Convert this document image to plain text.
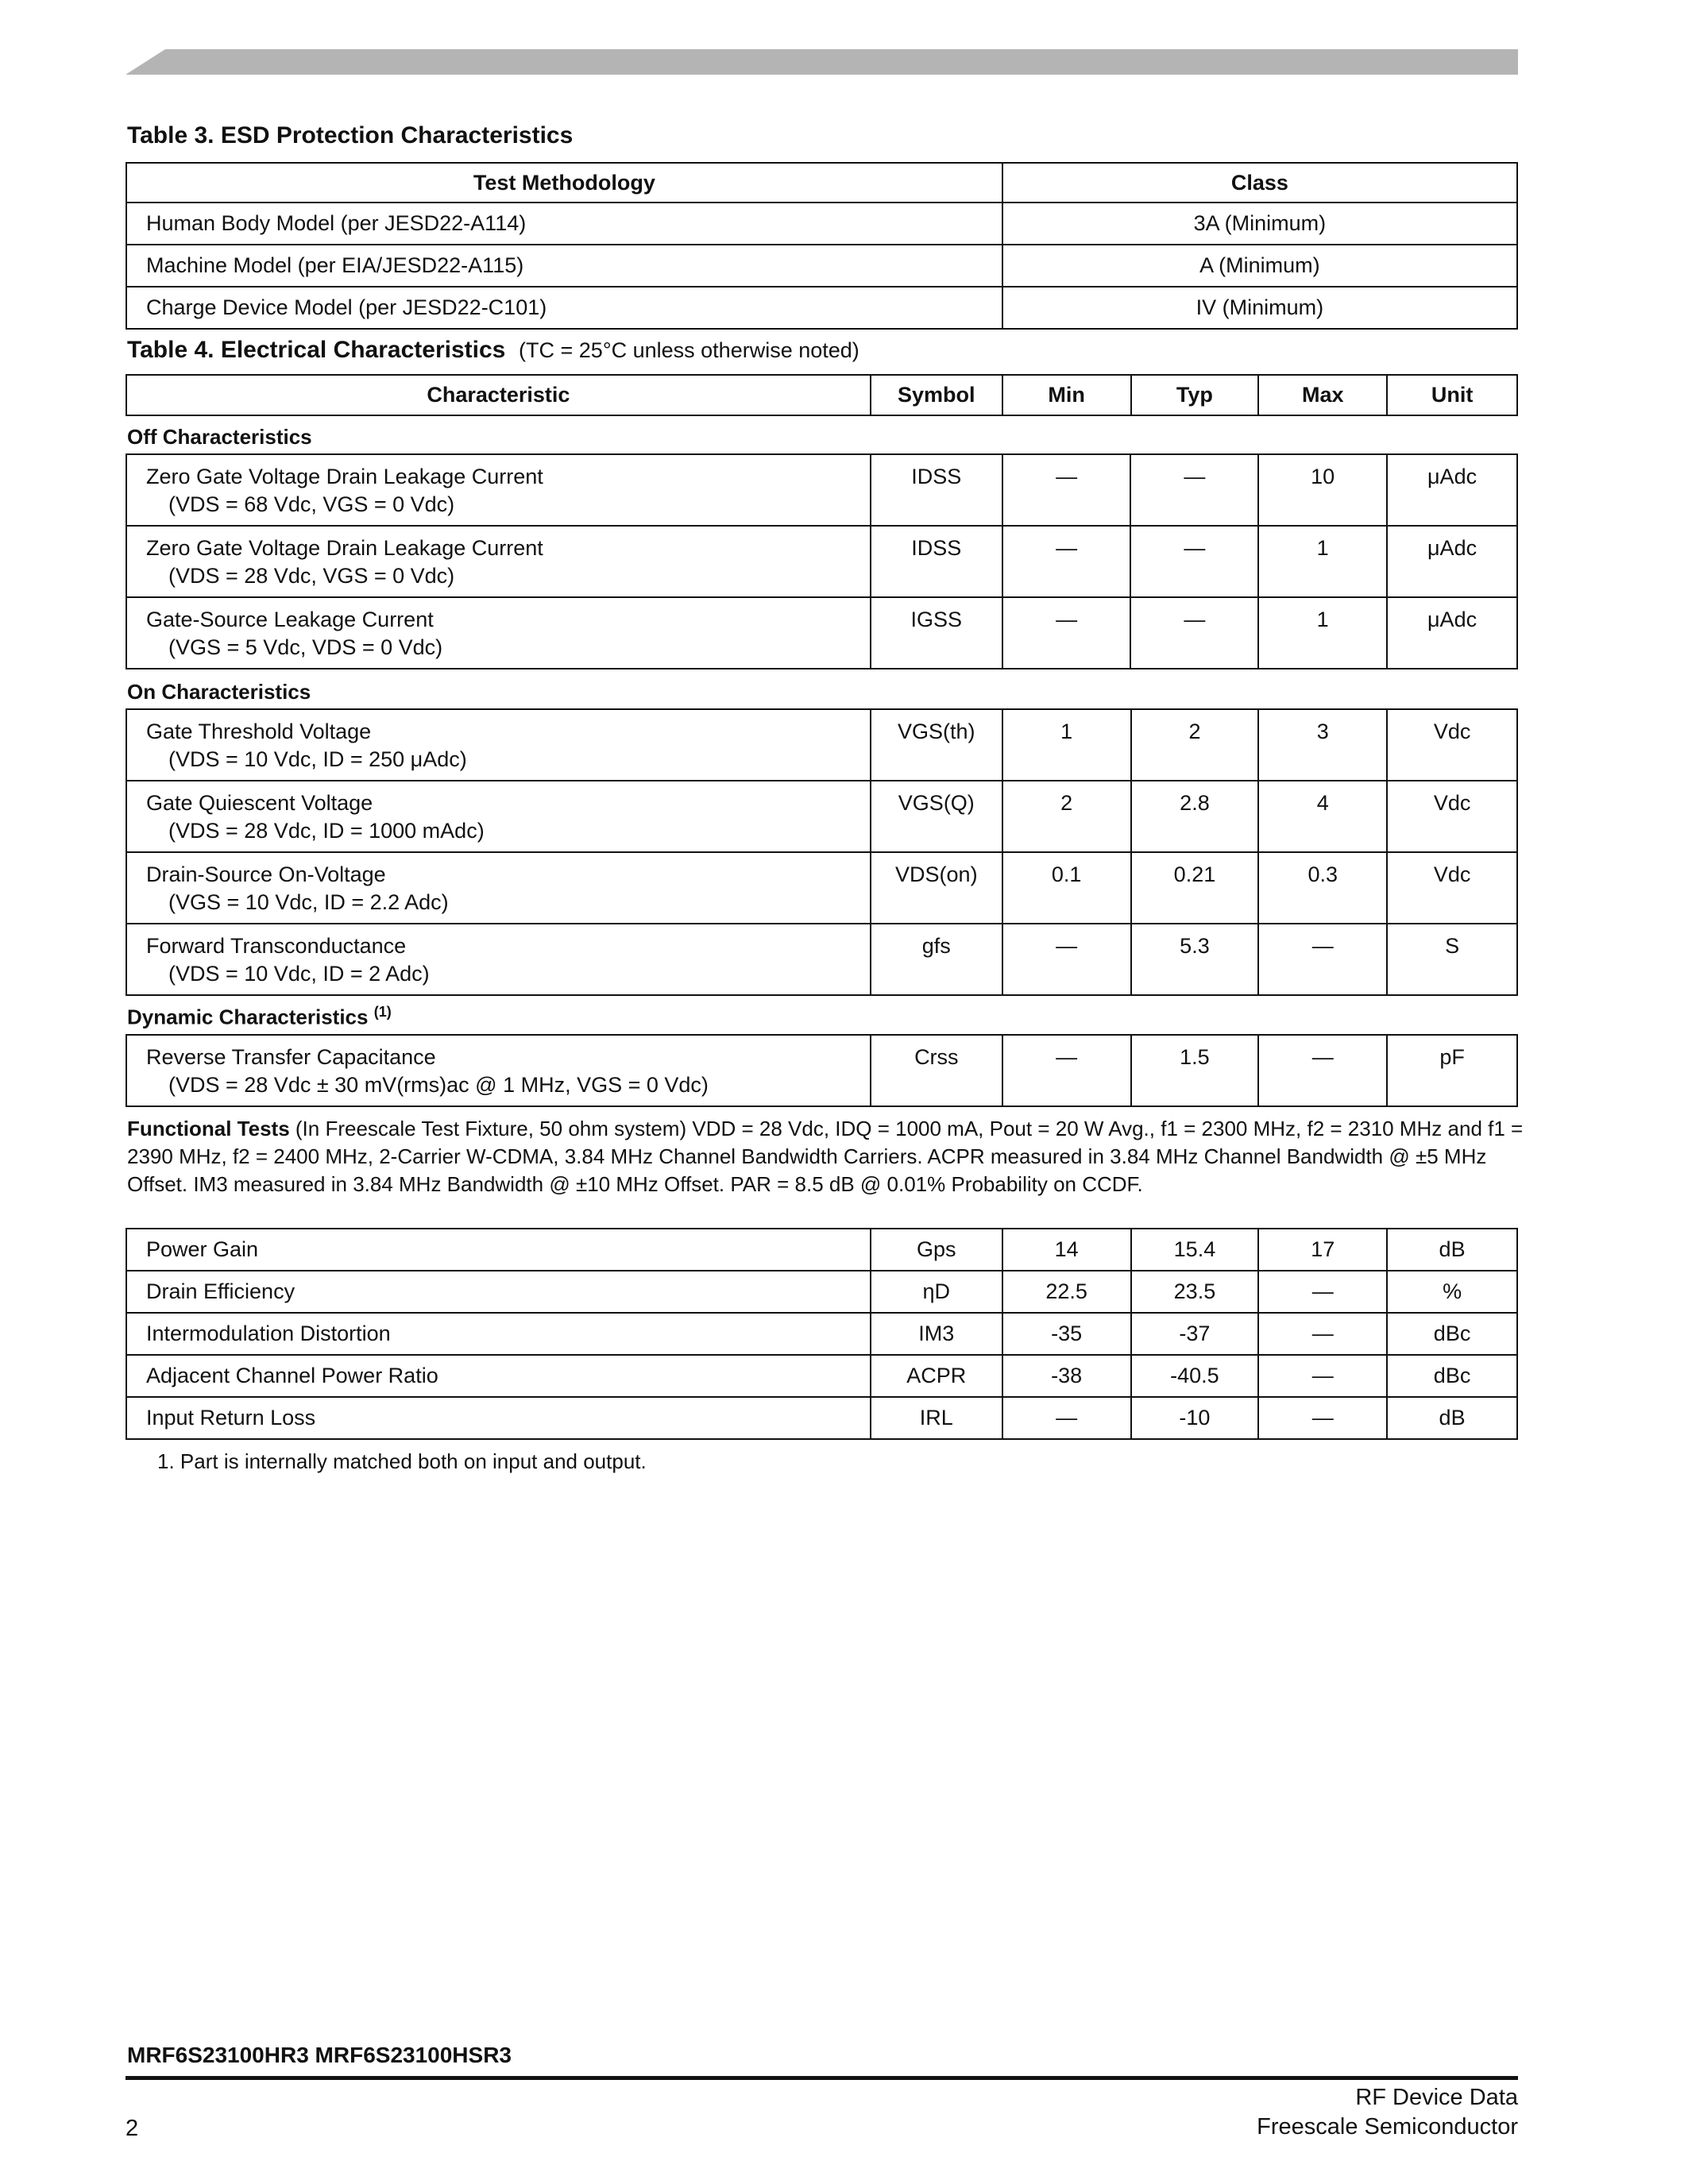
Table 3. ESD Protection Characteristics
Test Methodology	Class
Human Body Model (per JESD22-A114)	3A (Minimum)
Machine Model (per EIA/JESD22-A115)	A (Minimum)
Charge Device Model (per JESD22-C101)	IV (Minimum)
Table 4. Electrical Characteristics (TC = 25°C unless otherwise noted)
Characteristic	Symbol	Min	Typ	Max	Unit
Off Characteristics
Zero Gate Voltage Drain Leakage Current
(VDS = 68 Vdc, VGS = 0 Vdc)	IDSS	—	—	10	μAdc

Zero Gate Voltage Drain Leakage Current
(VDS = 28 Vdc, VGS = 0 Vdc)	IDSS	—	—	1	μAdc

Gate-Source Leakage Current
(VGS = 5 Vdc, VDS = 0 Vdc)	IGSS	—	—	1	μAdc
On Characteristics
Gate Threshold Voltage
(VDS = 10 Vdc, ID = 250 μAdc)	VGS(th)	1	2	3	Vdc

Gate Quiescent Voltage
(VDS = 28 Vdc, ID = 1000 mAdc)	VGS(Q)	2	2.8	4	Vdc

Drain-Source On-Voltage
(VGS = 10 Vdc, ID = 2.2 Adc)	VDS(on)	0.1	0.21	0.3	Vdc

Forward Transconductance
(VDS = 10 Vdc, ID = 2 Adc)	gfs	—	5.3	—	S
Dynamic Characteristics $^{(1)}$
Reverse Transfer Capacitance
(VDS = 28 Vdc ± 30 mV(rms)ac @ 1 MHz, VGS = 0 Vdc)
	Crss	—	1.5	—	pF
Functional Tests (In Freescale Test Fixture, 50 ohm system) VDD = 28 Vdc, IDQ = 1000 mA, Pout = 20 W Avg., f1 = 2300 MHz, f2 = 2310 MHz and f1 = 2390 MHz, f2 = 2400 MHz, 2-Carrier W-CDMA, 3.84 MHz Channel Bandwidth Carriers. ACPR measured in 3.84 MHz Channel Bandwidth @ ±5 MHz Offset. IM3 measured in 3.84 MHz Bandwidth @ ±10 MHz Offset. PAR = 8.5 dB @ 0.01% Probability on CCDF.
Power Gain	Gps	14	15.4	17	dB
Drain Efficiency	ηD	22.5	23.5	—	%
Intermodulation Distortion	IM3	-35	-37	—	dBc
Adjacent Channel Power Ratio	ACPR	-38	-40.5	—	dBc
Input Return Loss	IRL	—	-10	—	dB
1. Part is internally matched both on input and output.
MRF6S23100HR3 MRF6S23100HSR3
RF Device Data
Freescale Semiconductor
2
